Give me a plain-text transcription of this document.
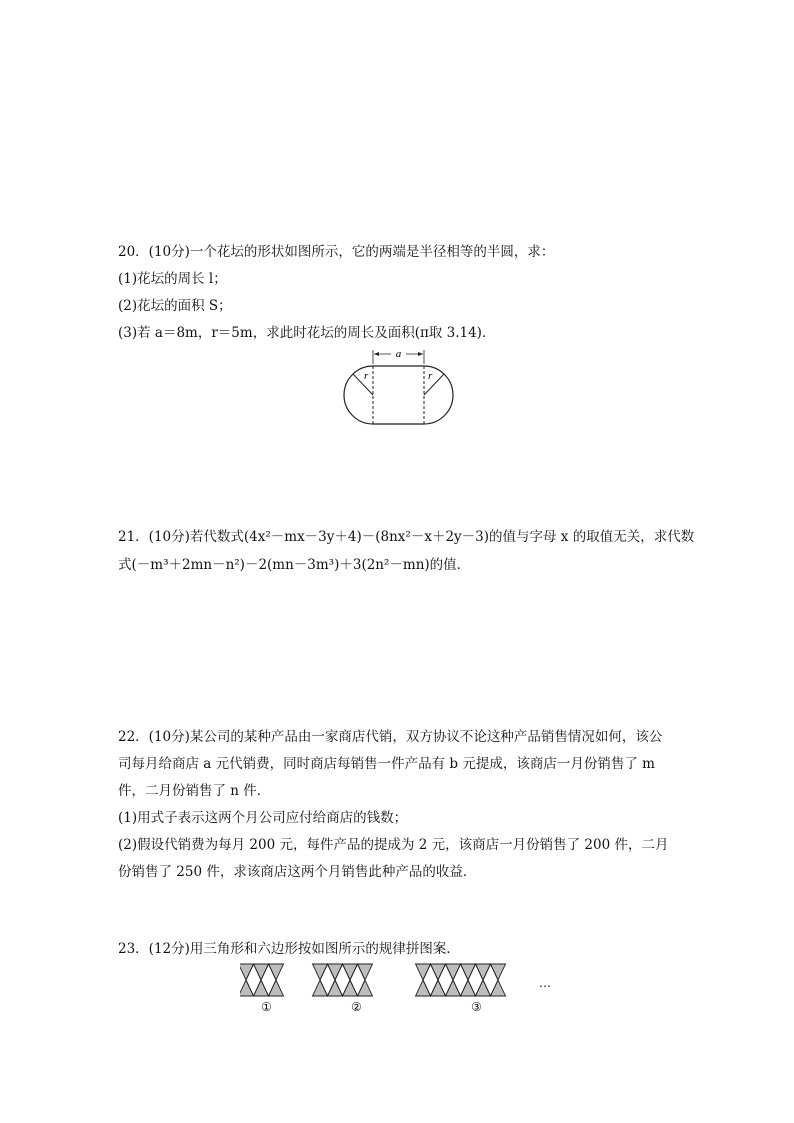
20．(10分)一个花坛的形状如图所示，它的两端是半径相等的半圆，求：
(1)花坛的周长 l；
(2)花坛的面积 S；
(3)若 a＝8m，r＝5m，求此时花坛的周长及面积(π取 3.14)．
a
r	r
21．(10分)若代数式(4x²－mx－3y＋4)－(8nx²－x＋2y－3)的值与字母 x 的取值无关，求代数
式(－m³＋2mn－n²)－2(mn－3m³)＋3(2n²－mn)的值．
22．(10分)某公司的某种产品由一家商店代销，双方协议不论这种产品销售情况如何，该公
司每月给商店 a 元代销费，同时商店每销售一件产品有 b 元提成，该商店一月份销售了 m
件，二月份销售了 n 件．
(1)用式子表示这两个月公司应付给商店的钱数；
(2)假设代销费为每月 200 元，每件产品的提成为 2 元，该商店一月份销售了 200 件，二月
份销售了 250 件，求该商店这两个月销售此种产品的收益．
23．(12分)用三角形和六边形按如图所示的规律拼图案．
①	②	③
…
